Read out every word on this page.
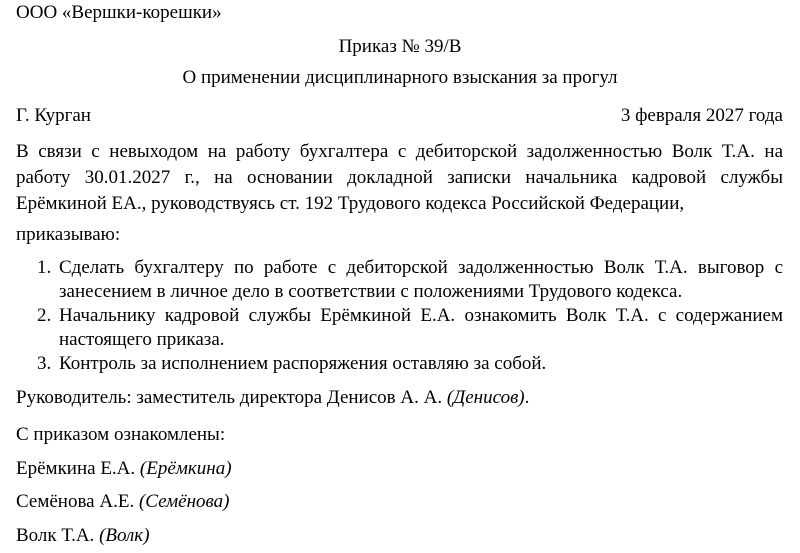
ООО «Вершки-корешки»
Приказ № 39/В
О применении дисциплинарного взыскания за прогул
Г. Курган	3 февраля 2027 года
В связи с невыходом на работу бухгалтера с дебиторской задолженностью Волк Т.А. на работу 30.01.2027 г., на основании докладной записки начальника кадровой службы Ерёмкиной ЕА., руководствуясь ст. 192 Трудового кодекса Российской Федерации,
приказываю:
1. Сделать бухгалтеру по работе с дебиторской задолженностью Волк Т.А. выговор с занесением в личное дело в соответствии с положениями Трудового кодекса.
2. Начальнику кадровой службы Ерёмкиной Е.А. ознакомить Волк Т.А. с содержанием настоящего приказа.
3. Контроль за исполнением распоряжения оставляю за собой.
Руководитель: заместитель директора Денисов А. А. (Денисов).
С приказом ознакомлены:
Ерёмкина Е.А. (Ерёмкина)
Семёнова А.Е. (Семёнова)
Волк Т.А. (Волк)
